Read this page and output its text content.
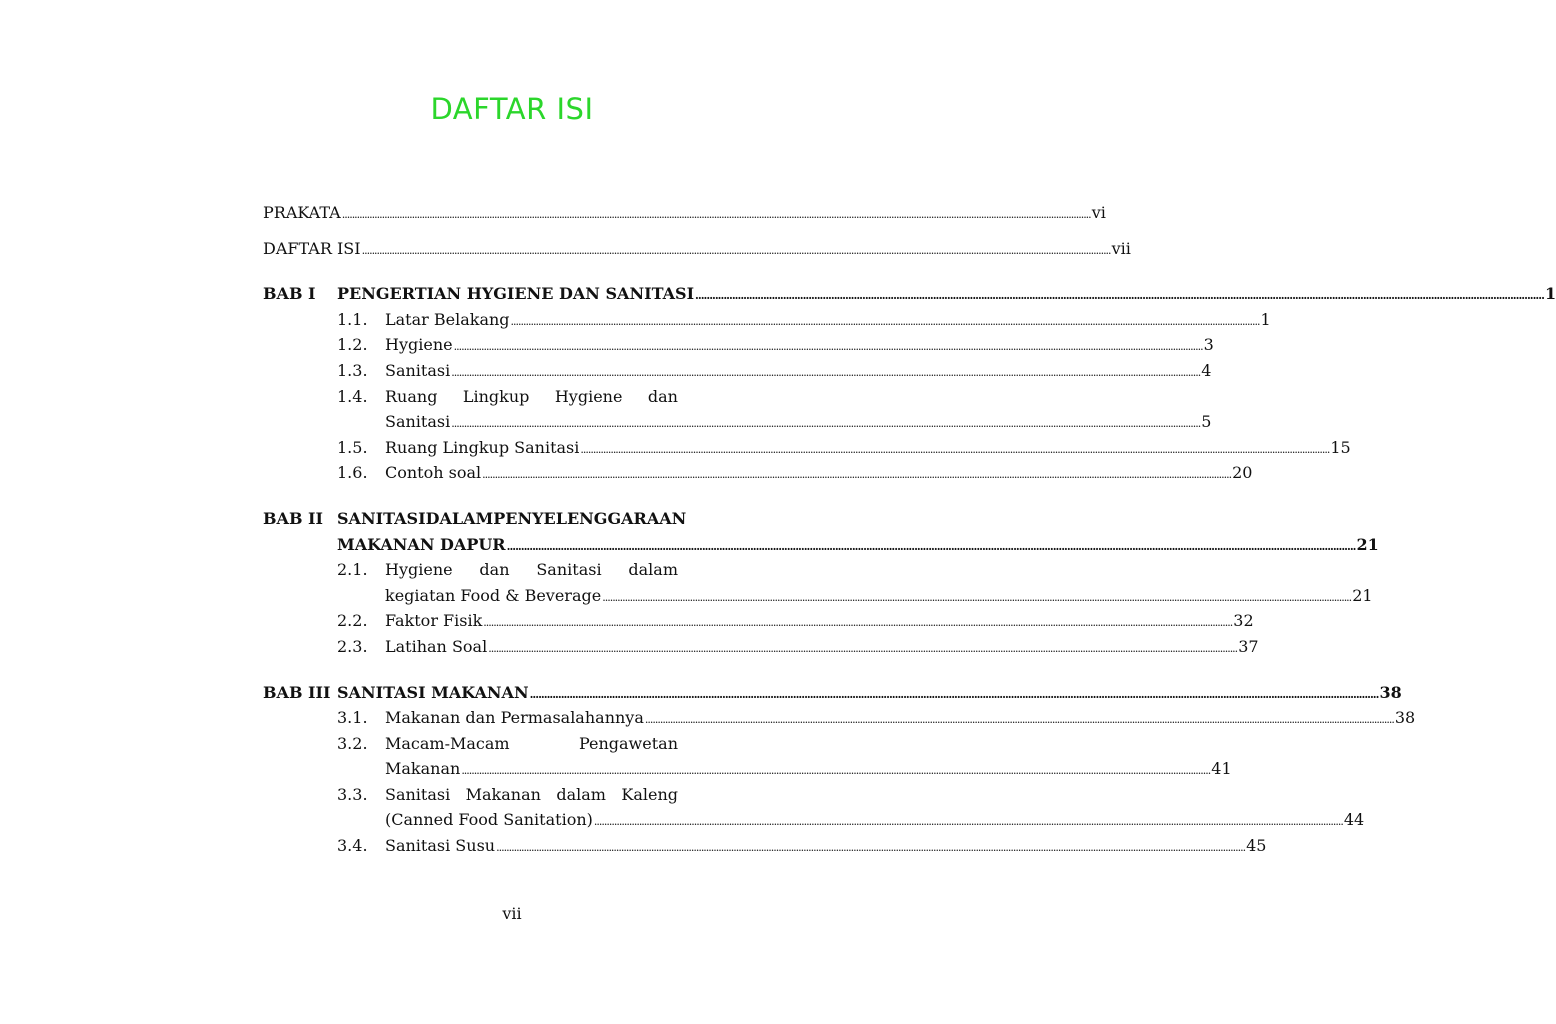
DAFTAR ISI
PRAKATA ............................................................................................................................................................................................................................................................................................................ vi
DAFTAR ISI ............................................................................................................................................................................................................................................................................................................ vii
BAB I PENGERTIAN HYGIENE DAN SANITASI ............................................................................................................................................................................................................................................................................................................ 1
1.1. Latar Belakang ............................................................................................................................................................................................................................................................................................................ 1
1.2. Hygiene ............................................................................................................................................................................................................................................................................................................ 3
1.3. Sanitasi ............................................................................................................................................................................................................................................................................................................ 4
1.4. Ruang Lingkup Hygiene dan
Sanitasi ............................................................................................................................................................................................................................................................................................................ 5
1.5. Ruang Lingkup Sanitasi ............................................................................................................................................................................................................................................................................................................ 15
1.6. Contoh soal ............................................................................................................................................................................................................................................................................................................ 20
BAB II SANITASI DALAM PENYELENGGARAAN
MAKANAN DAPUR ............................................................................................................................................................................................................................................................................................................ 21
2.1. Hygiene dan Sanitasi dalam
kegiatan Food & Beverage ............................................................................................................................................................................................................................................................................................................ 21
2.2. Faktor Fisik ............................................................................................................................................................................................................................................................................................................ 32
2.3. Latihan Soal ............................................................................................................................................................................................................................................................................................................ 37
BAB III SANITASI MAKANAN ............................................................................................................................................................................................................................................................................................................ 38
3.1. Makanan dan Permasalahannya ............................................................................................................................................................................................................................................................................................................ 38
3.2. Macam-Macam	Pengawetan
Makanan ............................................................................................................................................................................................................................................................................................................ 41
3.3. Sanitasi Makanan dalam Kaleng
(Canned Food Sanitation) ............................................................................................................................................................................................................................................................................................................ 44
3.4. Sanitasi Susu ............................................................................................................................................................................................................................................................................................................ 45
vii
